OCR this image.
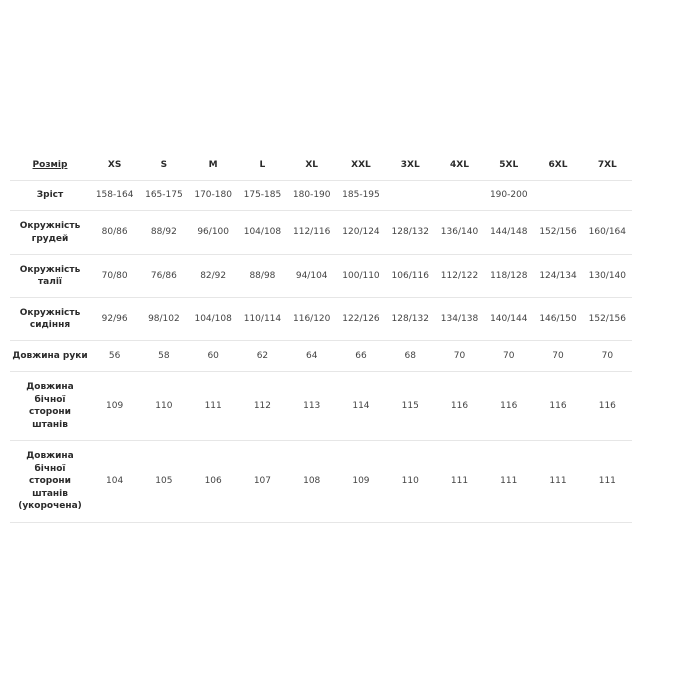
Розмір	XS	S	M	L	XL	XXL	3XL	4XL	5XL	6XL	7XL

Зріст	158-164	165-175	170-180	175-185	180-190	185-195			190-200		

Окружність
грудей	80/86	88/92	96/100	104/108	112/116	120/124	128/132	136/140	144/148	152/156	160/164

Окружність
талії	70/80	76/86	82/92	88/98	94/104	100/110	106/116	112/122	118/128	124/134	130/140

Окружність
сидіння	92/96	98/102	104/108	110/114	116/120	122/126	128/132	134/138	140/144	146/150	152/156

Довжина руки	56	58	60	62	64	66	68	70	70	70	70

Довжина
бічної
сторони
штанів	109	110	111	112	113	114	115	116	116	116	116

Довжина
бічної
сторони
штанів
(укорочена)	104	105	106	107	108	109	110	111	111	111	111
